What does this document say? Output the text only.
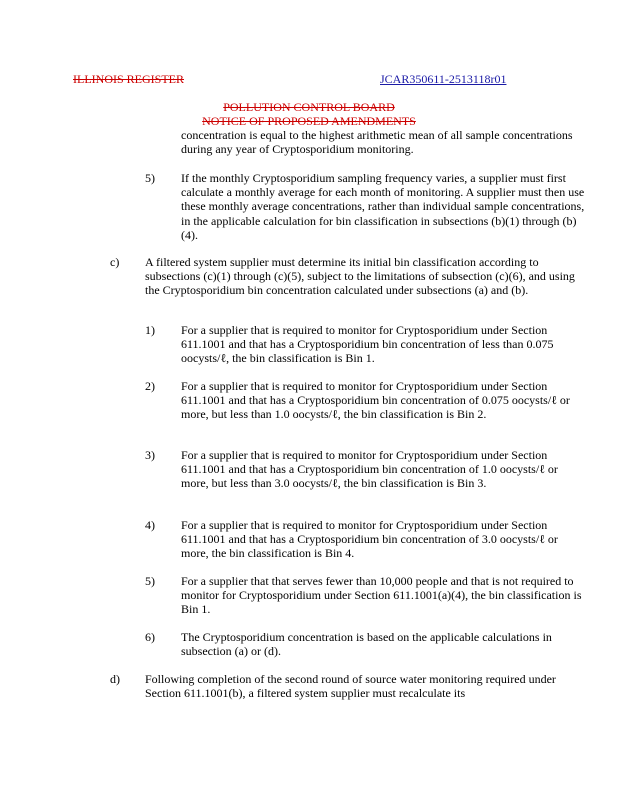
ILLINOIS REGISTER	JCAR350611-2513118r01
POLLUTION CONTROL BOARD
NOTICE OF PROPOSED AMENDMENTS
concentration is equal to the highest arithmetic mean of all sample concentrations during any year of Cryptosporidium monitoring.
5) If the monthly Cryptosporidium sampling frequency varies, a supplier must first calculate a monthly average for each month of monitoring. A supplier must then use these monthly average concentrations, rather than individual sample concentrations, in the applicable calculation for bin classification in subsections (b)(1) through (b)(4).
c) A filtered system supplier must determine its initial bin classification according to subsections (c)(1) through (c)(5), subject to the limitations of subsection (c)(6), and using the Cryptosporidium bin concentration calculated under subsections (a) and (b).
1) For a supplier that is required to monitor for Cryptosporidium under Section 611.1001 and that has a Cryptosporidium bin concentration of less than 0.075 oocysts/ℓ, the bin classification is Bin 1.
2) For a supplier that is required to monitor for Cryptosporidium under Section 611.1001 and that has a Cryptosporidium bin concentration of 0.075 oocysts/ℓ or more, but less than 1.0 oocysts/ℓ, the bin classification is Bin 2.
3) For a supplier that is required to monitor for Cryptosporidium under Section 611.1001 and that has a Cryptosporidium bin concentration of 1.0 oocysts/ℓ or more, but less than 3.0 oocysts/ℓ, the bin classification is Bin 3.
4) For a supplier that is required to monitor for Cryptosporidium under Section 611.1001 and that has a Cryptosporidium bin concentration of 3.0 oocysts/ℓ or more, the bin classification is Bin 4.
5) For a supplier that that serves fewer than 10,000 people and that is not required to monitor for Cryptosporidium under Section 611.1001(a)(4), the bin classification is Bin 1.
6) The Cryptosporidium concentration is based on the applicable calculations in subsection (a) or (d).
d) Following completion of the second round of source water monitoring required under Section 611.1001(b), a filtered system supplier must recalculate its
